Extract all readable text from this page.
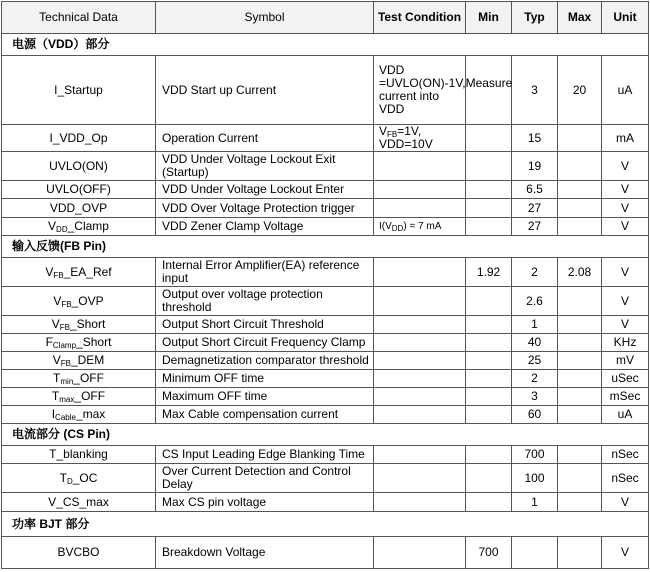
Technical Data	Symbol	Test Condition	Min	Typ	Max	Unit
电源（VDD）部分						
I_Startup	VDD Start up Current	VDD =UVLO(ON)-1V,Measure current into VDD		3	20	uA
I_VDD_Op	Operation Current	$V_{FB}=1V$,
VDD=10V		15		mA
UVLO(ON)	VDD Under Voltage Lockout Exit (Startup)			19		V
UVLO(OFF)	VDD Under Voltage Lockout Enter			6.5		V
VDD_OVP	VDD Over Voltage Protection trigger			27		V
$V_{DD}\_Clamp$	VDD Zener Clamp Voltage	$I(V_{DD}) = 7$ mA		27		V
输入反馈(FB Pin)						
$V_{FB}\_EA\_Ref$	Internal Error Amplifier(EA) reference input		1.92	2	2.08	V
$V_{FB}\_OVP$	Output over voltage protection threshold			2.6		V
$V_{FB}\_Short$	Output Short Circuit Threshold			1		V
$F_{Clamp}\_Short$	Output Short Circuit Frequency Clamp			40		KHz
$V_{FB}\_DEM$	Demagnetization comparator threshold			25		mV
$T_{min}\_OFF$	Minimum OFF time			2		uSec
$T_{max}\_OFF$	Maximum OFF time			3		mSec
$I_{Cable}\_\max$	Max Cable compensation current			60		uA
电流部分 (CS Pin)						
T_blanking	CS Input Leading Edge Blanking Time			700		nSec
$T_D\_OC$	Over Current Detection and Control Delay			100		nSec
V_CS_max	Max CS pin voltage			1		V
功率 BJT 部分						
BVCBO	Breakdown Voltage		700			V
